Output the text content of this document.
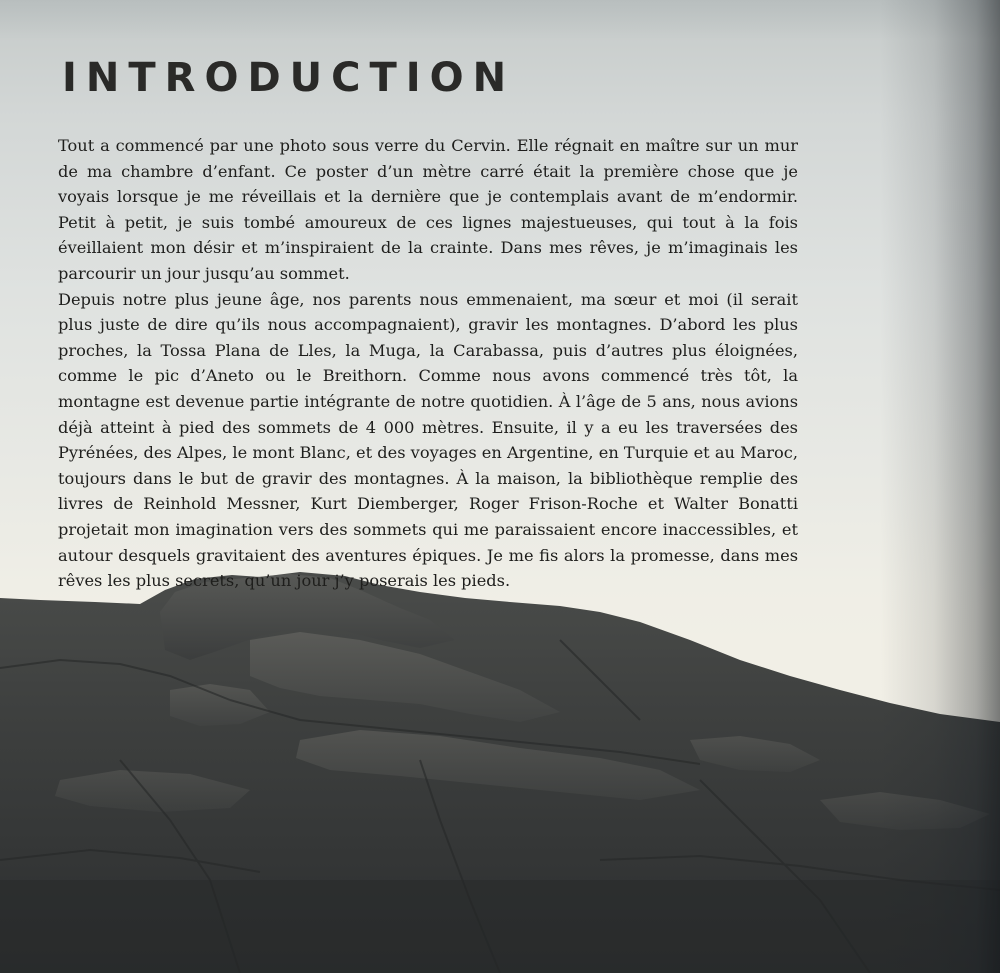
INTRODUCTION

Tout a commencé par une photo sous verre du Cervin. Elle régnait en maître sur un mur de ma chambre d’enfant. Ce poster d’un mètre carré était la première chose que je voyais lorsque je me réveillais et la dernière que je contemplais avant de m’endormir. Petit à petit, je suis tombé amoureux de ces lignes majestueuses, qui tout à la fois éveillaient mon désir et m’inspiraient de la crainte. Dans mes rêves, je m’imaginais les parcourir un jour jusqu’au sommet.

Depuis notre plus jeune âge, nos parents nous emmenaient, ma sœur et moi (il serait plus juste de dire qu’ils nous accompagnaient), gravir les montagnes. D’abord les plus proches, la Tossa Plana de Lles, la Muga, la Carabassa, puis d’autres plus éloignées, comme le pic d’Aneto ou le Breithorn. Comme nous avons commencé très tôt, la montagne est devenue partie intégrante de notre quotidien. À l’âge de 5 ans, nous avions déjà atteint à pied des sommets de 4 000 mètres. Ensuite, il y a eu les traversées des Pyrénées, des Alpes, le mont Blanc, et des voyages en Argentine, en Turquie et au Maroc, toujours dans le but de gravir des montagnes. À la maison, la bibliothèque remplie des livres de Reinhold Messner, Kurt Diemberger, Roger Frison-Roche et Walter Bonatti projetait mon imagination vers des sommets qui me paraissaient encore inaccessibles, et autour desquels gravitaient des aventures épiques. Je me fis alors la promesse, dans mes rêves les plus secrets, qu’un jour j’y poserais les pieds.
